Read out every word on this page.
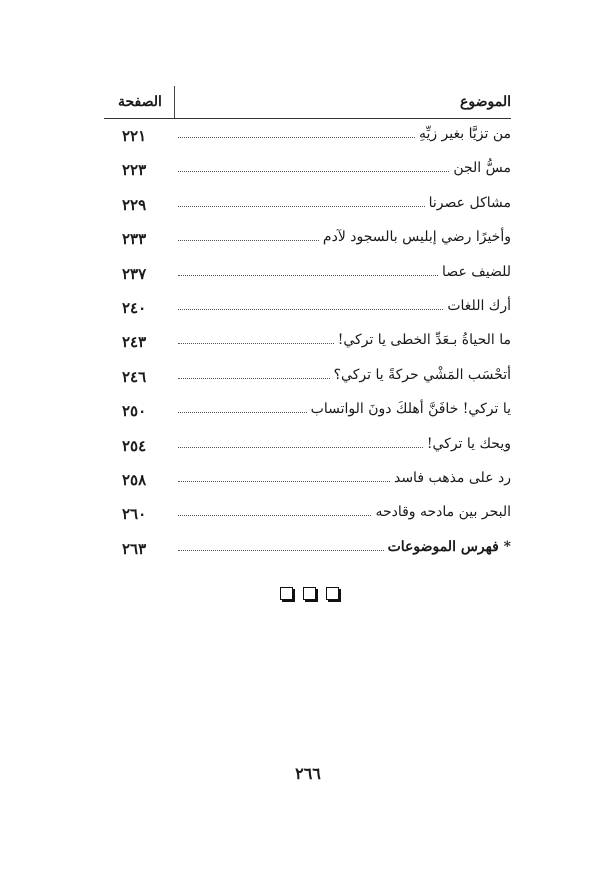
الموضوع
الصفحة
من تزيَّا بغير زيِّهِ
٢٢١
مسُّ الجن
٢٢٣
مشاكل عصرنا
٢٢٩
وأخيرًا رضي إبليس بالسجود لآدم
٢٣٣
للضيف عصا
٢٣٧
أرك اللغات
٢٤٠
ما الحياةُ بـعَدِّ الخطى يا تركي!
٢٤٣
أتحْسَب المَشْي حركةً يا تركي؟
٢٤٦
يا تركي! خافَنَّ أهلكَ دونَ الواتساب
٢٥٠
ويحك يا تركي!
٢٥٤
رد على مذهب فاسد
٢٥٨
البحر بين مادحه وقادحه
٢٦٠
* فهرس الموضوعات
٢٦٣
٢٦٦
